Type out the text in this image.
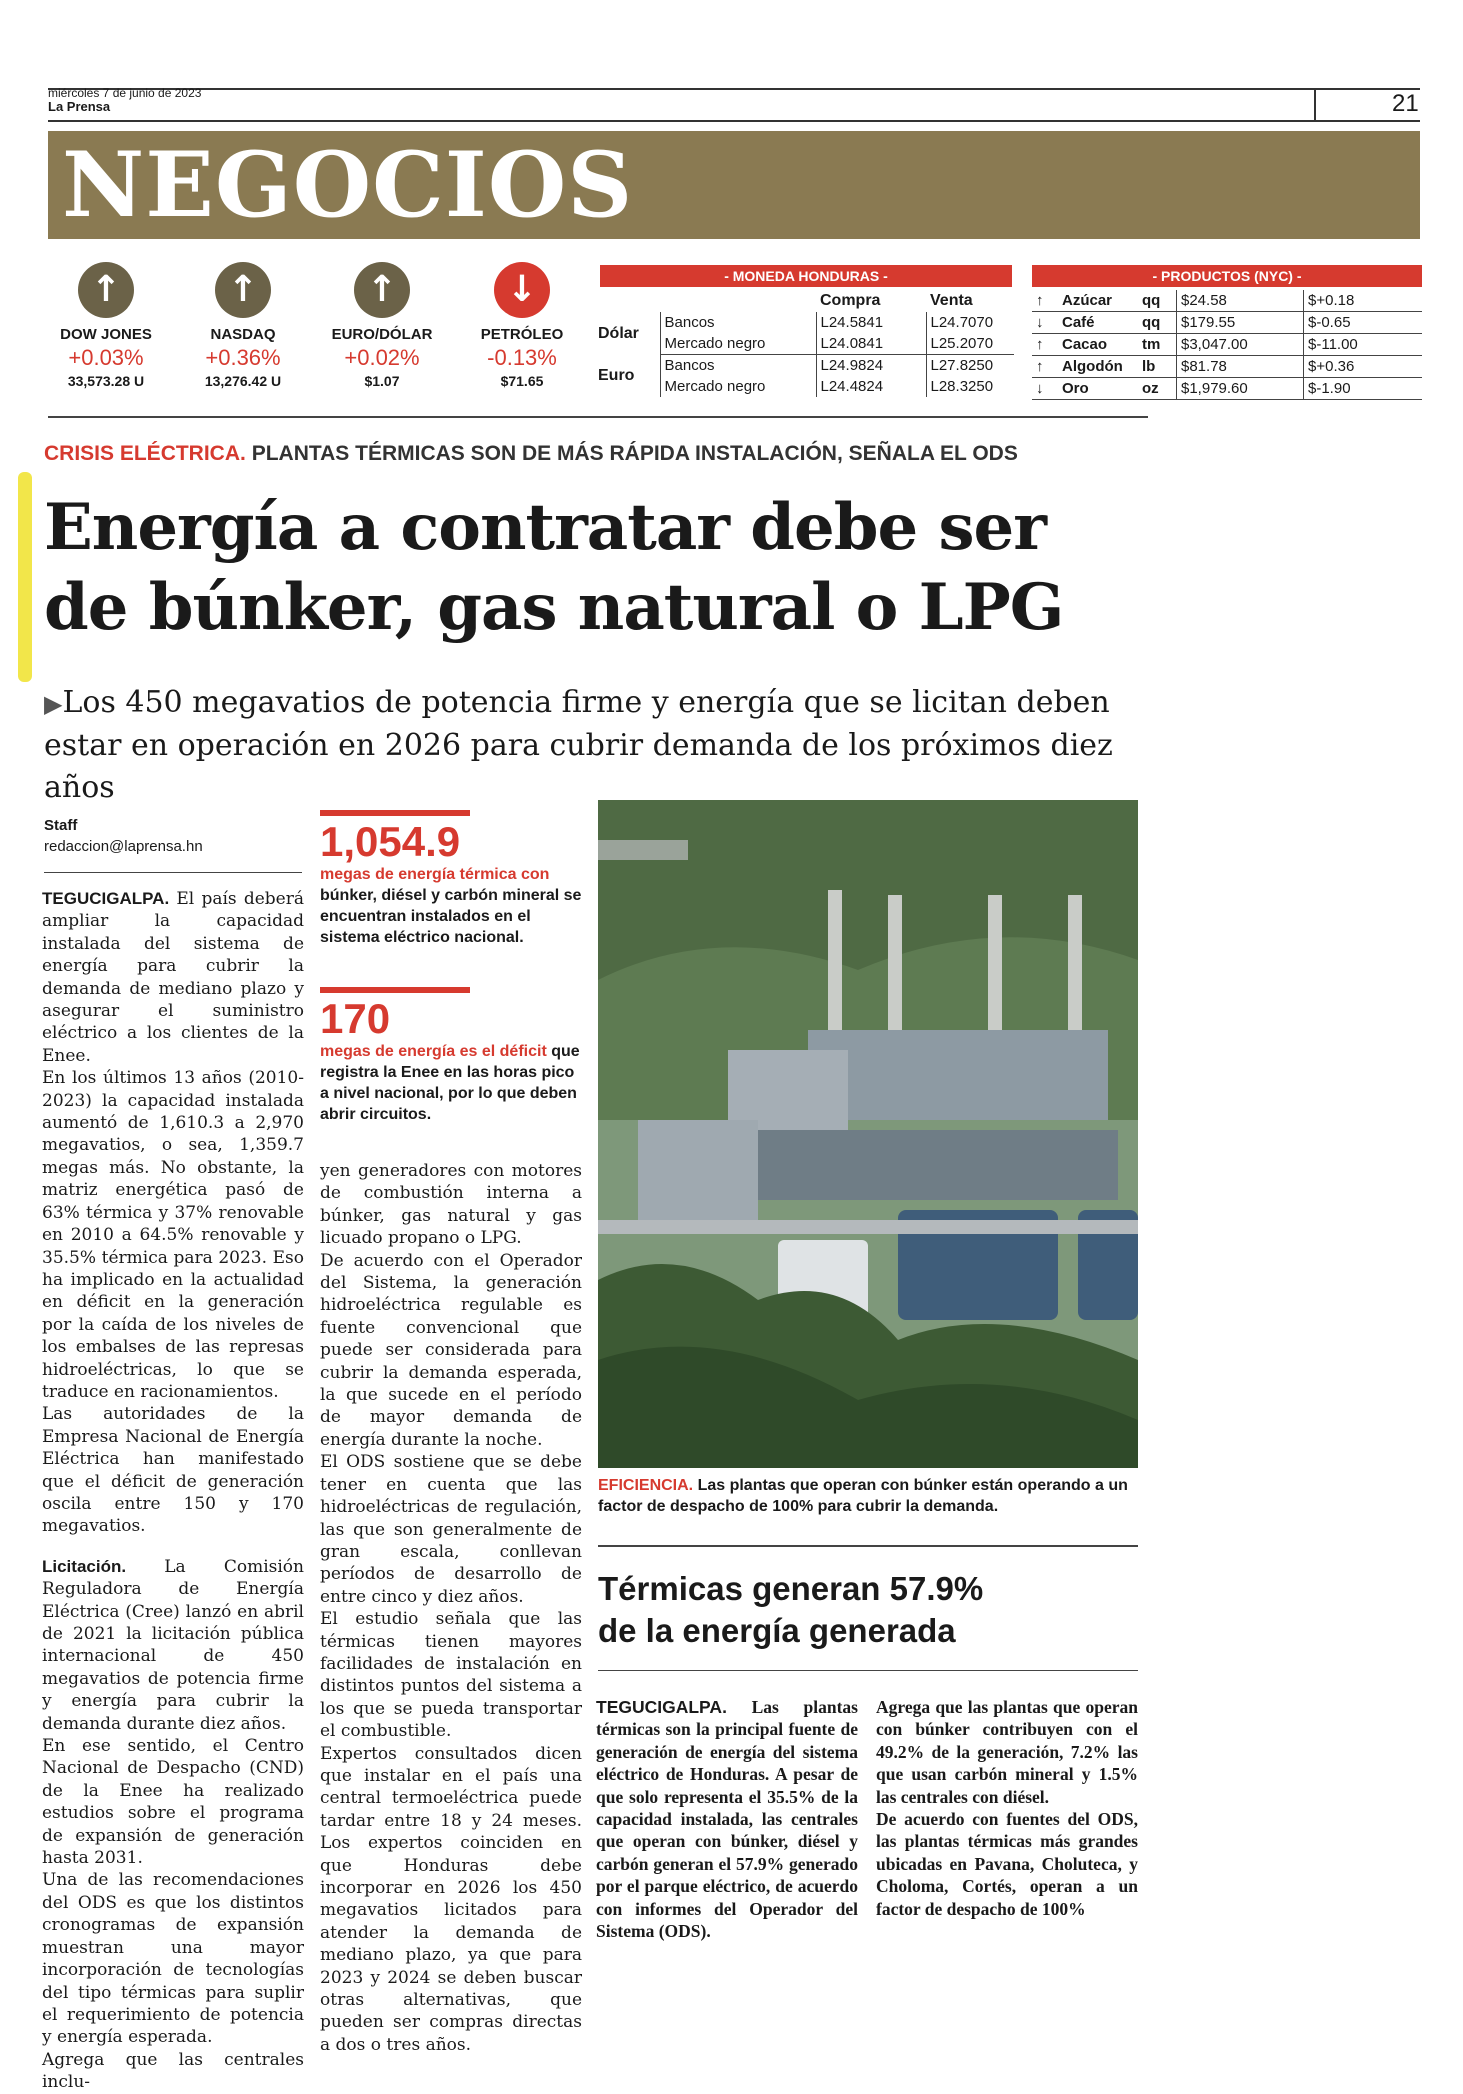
miércoles 7 de junio de 2023
La Prensa	21
NEGOCIOS
↑
DOW JONES
+0.03%
33,573.28 U
↑
NASDAQ
+0.36%
13,276.42 U
↑
EURO/DÓLAR
+0.02%
$1.07
↓
PETRÓLEO
-0.13%
$71.65
- MONEDA HONDURAS -
		Compra	Venta
Dólar	Bancos	L24.5841	L24.7070
	Mercado negro	L24.0841	L25.2070
Euro	Bancos	L24.9824	L27.8250
	Mercado negro	L24.4824	L28.3250
- PRODUCTOS (NYC) -
↑	Azúcar	qq	$24.58	$+0.18
↓	Café	qq	$179.55	$-0.65
↑	Cacao	tm	$3,047.00	$-11.00
↑	Algodón	lb	$81.78	$+0.36
↓	Oro	oz	$1,979.60	$-1.90
CRISIS ELÉCTRICA. PLANTAS TÉRMICAS SON DE MÁS RÁPIDA INSTALACIÓN, SEÑALA EL ODS
Energía a contratar debe ser
de búnker, gas natural o LPG
▶Los 450 megavatios de potencia firme y energía que se licitan deben estar en operación en 2026 para cubrir demanda de los próximos diez años
Staff
redaccion@laprensa.hn

TEGUCIGALPA. El país deberá ampliar la capacidad instalada del sistema de energía para cubrir la demanda de mediano plazo y asegurar el suministro eléctrico a los clientes de la Enee.

En los últimos 13 años (2010-2023) la capacidad instalada aumentó de 1,610.3 a 2,970 megavatios, o sea, 1,359.7 megas más. No obstante, la matriz energética pasó de 63% térmica y 37% renovable en 2010 a 64.5% renovable y 35.5% térmica para 2023. Eso ha implicado en la actualidad en déficit en la generación por la caída de los niveles de los embalses de las represas hidroeléctricas, lo que se traduce en racionamientos.

Las autoridades de la Empresa Nacional de Energía Eléctrica han manifestado que el déficit de generación oscila entre 150 y 170 megavatios.

Licitación. La Comisión Reguladora de Energía Eléctrica (Cree) lanzó en abril de 2021 la licitación pública internacional de 450 megavatios de potencia firme y energía para cubrir la demanda durante diez años.

En ese sentido, el Centro Nacional de Despacho (CND) de la Enee ha realizado estudios sobre el programa de expansión de generación hasta 2031.

Una de las recomendaciones del ODS es que los distintos cronogramas de expansión muestran una mayor incorporación de tecnologías del tipo térmicas para suplir el requerimiento de potencia y energía esperada.

Agrega que las centrales inclu-

1,054.9
megas de energía térmica con búnker, diésel y carbón mineral se encuentran instalados en el sistema eléctrico nacional.
170
megas de energía es el déficit que registra la Enee en las horas pico a nivel nacional, por lo que deben abrir circuitos.

yen generadores con motores de combustión interna a búnker, gas natural y gas licuado propano o LPG.

De acuerdo con el Operador del Sistema, la generación hidroeléctrica regulable es fuente convencional que puede ser considerada para cubrir la demanda esperada, la que sucede en el período de mayor demanda de energía durante la noche.

El ODS sostiene que se debe tener en cuenta que las hidroeléctricas de regulación, las que son generalmente de gran escala, conllevan períodos de desarrollo de entre cinco y diez años.

El estudio señala que las térmicas tienen mayores facilidades de instalación en distintos puntos del sistema a los que se pueda transportar el combustible.

Expertos consultados dicen que instalar en el país una central termoeléctrica puede tardar entre 18 y 24 meses. Los expertos coinciden en que Honduras debe incorporar en 2026 los 450 megavatios licitados para atender la demanda de mediano plazo, ya que para 2023 y 2024 se deben buscar otras alternativas, que pueden ser compras directas a dos o tres años.

EFICIENCIA. Las plantas que operan con búnker están operando a un factor de despacho de 100% para cubrir la demanda.
Térmicas generan 57.9%
de la energía generada

TEGUCIGALPA. Las plantas térmicas son la principal fuente de generación de energía del sistema eléctrico de Honduras. A pesar de que solo representa el 35.5% de la capacidad instalada, las centrales que operan con búnker, diésel y carbón generan el 57.9% generado por el parque eléctrico, de acuerdo con informes del Operador del Sistema (ODS).

Agrega que las plantas que operan con búnker contribuyen con el 49.2% de la generación, 7.2% las que usan carbón mineral y 1.5% las centrales con diésel.

De acuerdo con fuentes del ODS, las plantas térmicas más grandes ubicadas en Pavana, Choluteca, y Choloma, Cortés, operan a un factor de despacho de 100%
